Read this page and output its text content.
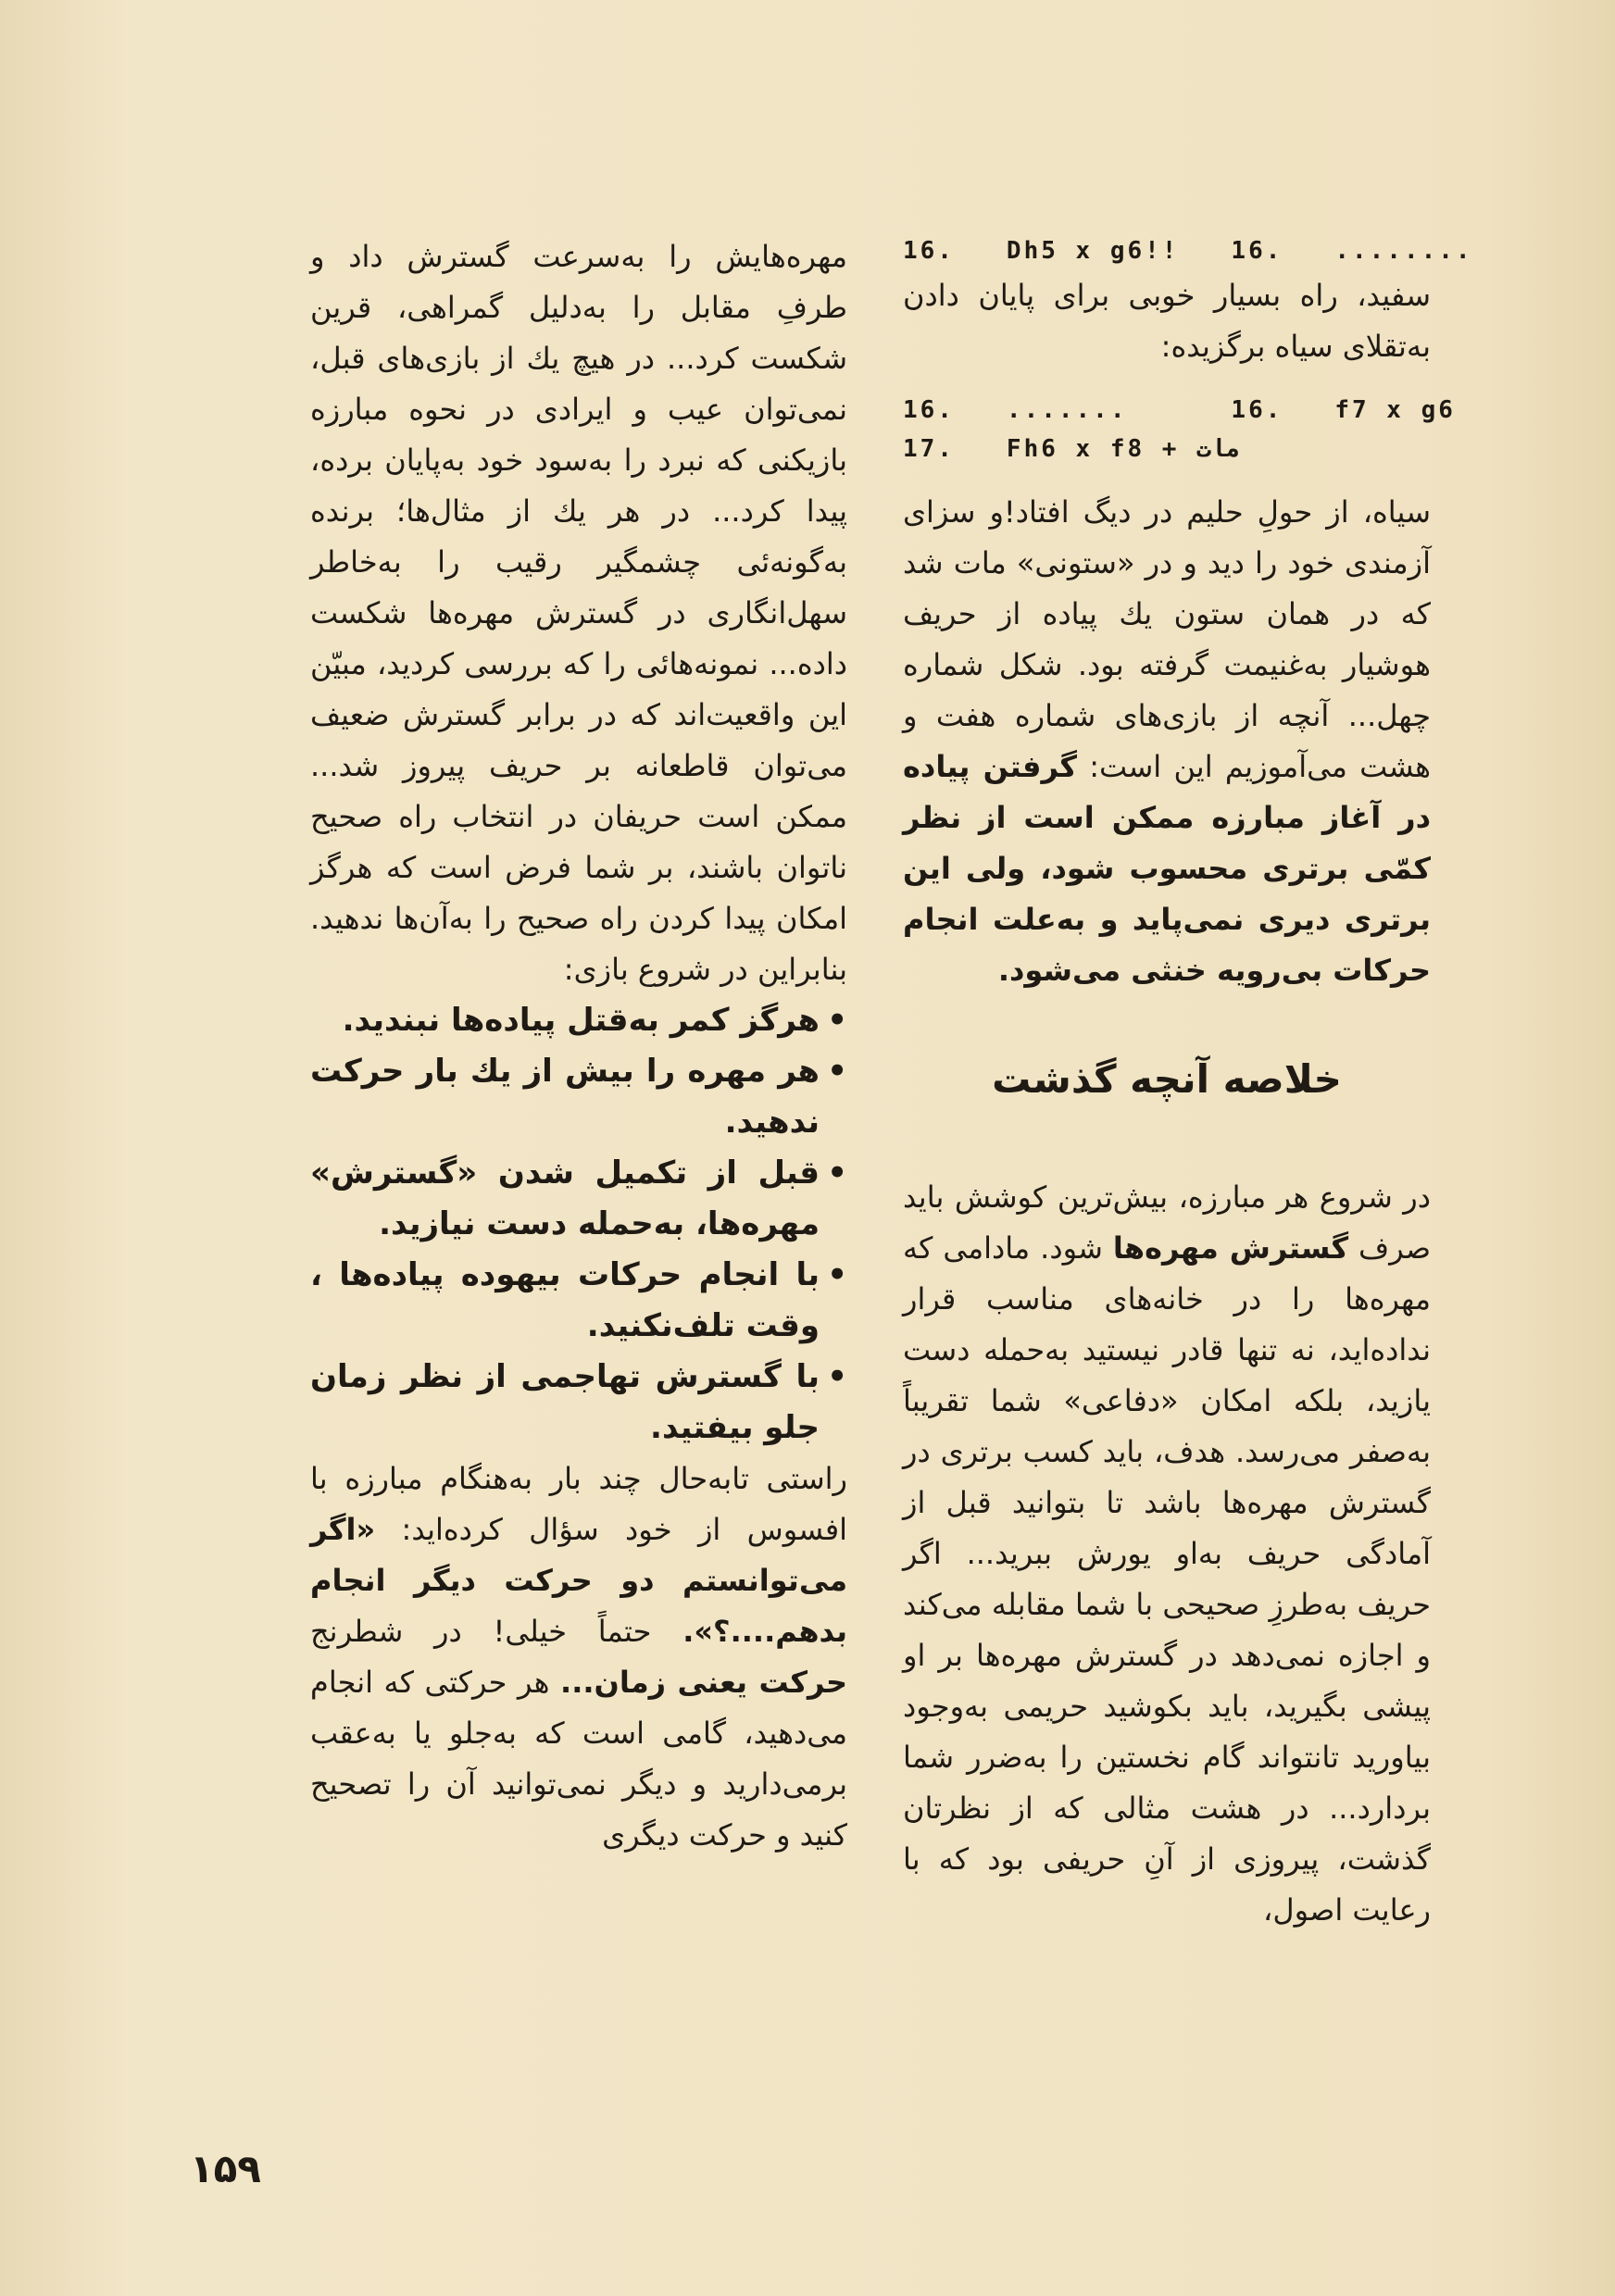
16.   Dh5 x g6!!   16.   ........

سفید، راه بسیار خوبی برای پایان دادن به‌تقلای سیاه برگزیده:

16.   .......      16.   f7 x g6
17.   Fh6 x f8 + مات

سیاه، از حولِ حلیم در دیگ افتاد!و سزای آزمندی خود را دید و در «ستونی» مات شد که در همان ستون یك پیاده از حریف هوشیار به‌غنیمت گرفته بود. شکل شماره چهل... آنچه از بازی‌های شماره هفت و هشت می‌آموزیم این است: گرفتن پیاده در آغاز مبارزه ممکن است از نظر کمّی برتری محسوب شود، ولی این برتری دیری نمی‌پاید و به‌علت انجام حرکات بی‌رویه خنثی می‌شود.

خلاصه آنچه گذشت

در شروع هر مبارزه، بیش‌ترین کوشش باید صرف گسترش مهره‌ها شود. مادامی که مهره‌ها را در خانه‌های مناسب قرار نداده‌اید، نه تنها قادر نیستید به‌حمله دست یازید، بلکه امکان «دفاعی» شما تقریباً به‌صفر می‌رسد. هدف، باید کسب برتری در گسترش مهره‌ها باشد تا بتوانید قبل از آمادگی حریف به‌او یورش ببرید... اگر حریف به‌طرزِ صحیحی با شما مقابله می‌کند و اجازه نمی‌دهد در گسترش مهره‌ها بر او پیشی بگیرید، باید بکوشید حریمی به‌وجود بیاورید تانتواند گام نخستین را به‌ضرر شما بردارد... در هشت مثالی که از نظرتان گذشت، پیروزی از آنِ حریفی بود که با رعایت اصول،

مهره‌هایش را به‌سرعت گسترش داد و طرفِ مقابل را به‌دلیل گمراهی، قرین شکست کرد... در هیچ یك از بازی‌های قبل، نمی‌توان عیب و ایرادی در نحوه مبارزه بازیکنی که نبرد را به‌سود خود به‌پایان برده، پیدا کرد... در هر یك از مثال‌ها؛ برنده به‌گونه‌ئی چشمگیر رقیب را به‌خاطر سهل‌انگاری در گسترش مهره‌ها شکست داده... نمونه‌هائی را که بررسی کردید، مبیّن این واقعیت‌اند که در برابر گسترش ضعیف می‌توان قاطعانه بر حریف پیروز شد... ممکن است حریفان در انتخاب راه صحیح ناتوان باشند، بر شما فرض است که هرگز امکان پیدا کردن راه صحیح را به‌آن‌ها ندهید. بنابراین در شروع بازی:

• هرگز کمر به‌قتل پیاده‌ها نبندید.
• هر مهره را بیش از یك بار حرکت ندهید.
• قبل از تکمیل شدن «گسترش» مهره‌ها، به‌حمله دست نیازید.
• با انجام حرکات بیهوده پیاده‌ها ، وقت تلف‌نکنید.
• با گسترش تهاجمی از نظر زمان جلو بیفتید.

راستی تابه‌حال چند بار به‌هنگام مبارزه با افسوس از خود سؤال کرده‌اید: «اگر می‌توانستم دو حرکت دیگر انجام بدهم....؟». حتماً خیلی! در شطرنج حرکت یعنی زمان... هر حرکتی که انجام می‌دهید، گامی است که به‌جلو یا به‌عقب برمی‌دارید و دیگر نمی‌توانید آن را تصحیح کنید و حرکت دیگری

۱۵۹
